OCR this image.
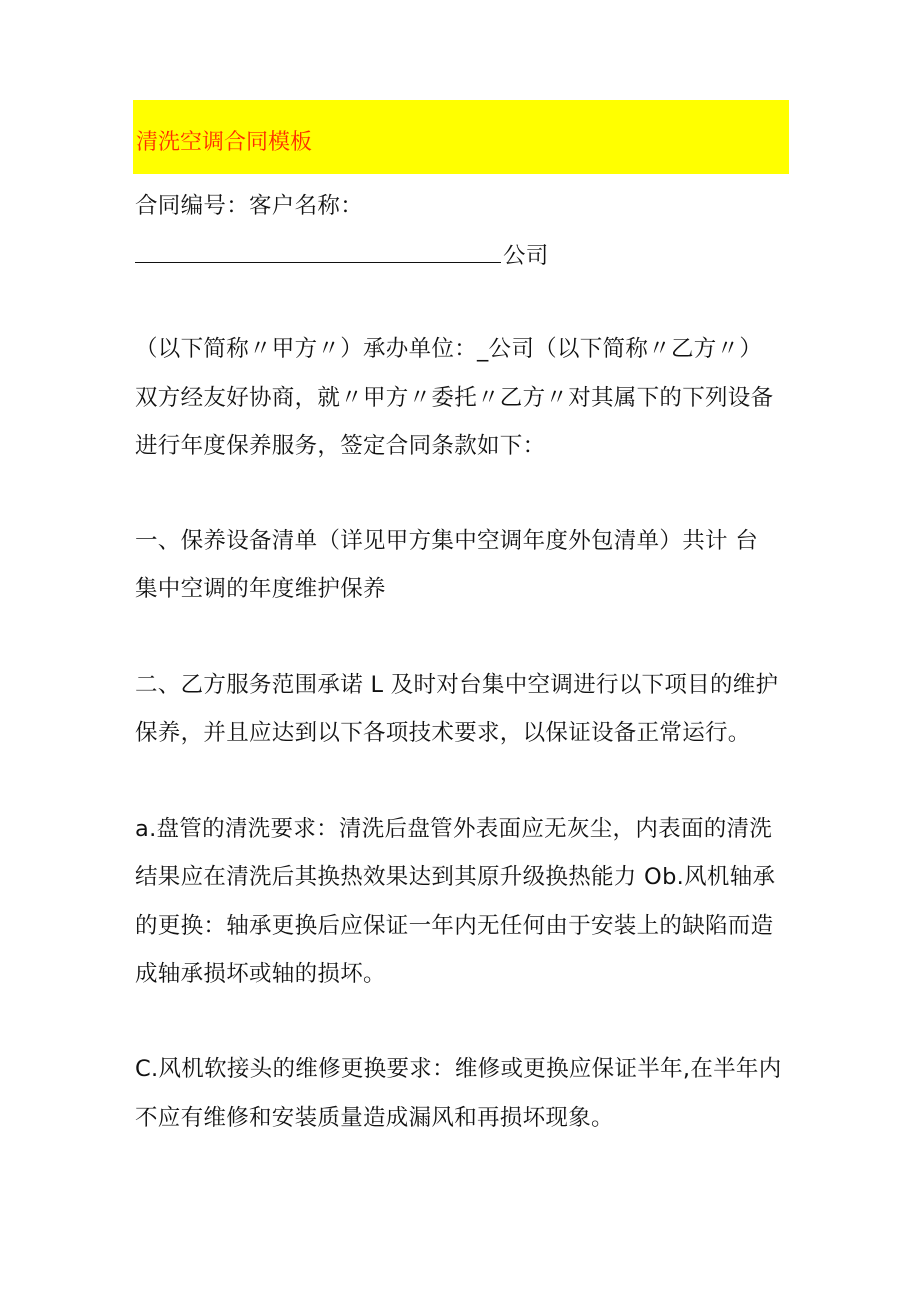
清洗空调合同模板
合同编号：客户名称：
公司
（以下简称〃甲方〃）承办单位：_公司（以下简称〃乙方〃）
双方经友好协商，就〃甲方〃委托〃乙方〃对其属下的下列设备
进行年度保养服务，签定合同条款如下：
一、保养设备清单（详见甲方集中空调年度外包清单）共计 台
集中空调的年度维护保养
二、乙方服务范围承诺 L 及时对台集中空调进行以下项目的维护
保养，并且应达到以下各项技术要求，以保证设备正常运行。
a.盘管的清洗要求：清洗后盘管外表面应无灰尘，内表面的清洗
结果应在清洗后其换热效果达到其原升级换热能力 Ob.风机轴承
的更换：轴承更换后应保证一年内无任何由于安装上的缺陷而造
成轴承损坏或轴的损坏。
C.风机软接头的维修更换要求：维修或更换应保证半年,在半年内
不应有维修和安装质量造成漏风和再损坏现象。
